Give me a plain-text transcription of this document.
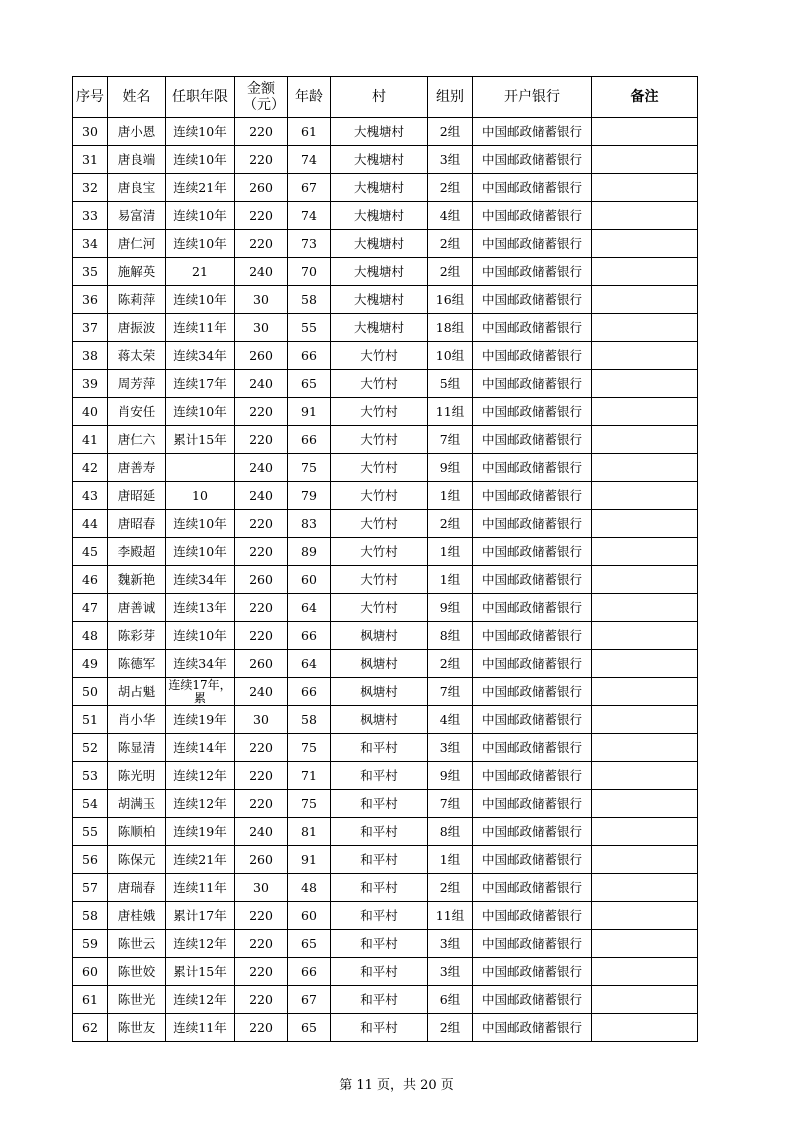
序号	姓名	任职年限	金额（元）	年龄	村	组别	开户银行	备注
30	唐小恩	连续10年	220	61	大槐塘村	2组	中国邮政储蓄银行	
31	唐良端	连续10年	220	74	大槐塘村	3组	中国邮政储蓄银行	
32	唐良宝	连续21年	260	67	大槐塘村	2组	中国邮政储蓄银行	
33	易富清	连续10年	220	74	大槐塘村	4组	中国邮政储蓄银行	
34	唐仁河	连续10年	220	73	大槐塘村	2组	中国邮政储蓄银行	
35	施解英	21	240	70	大槐塘村	2组	中国邮政储蓄银行	
36	陈莉萍	连续10年	30	58	大槐塘村	16组	中国邮政储蓄银行	
37	唐振波	连续11年	30	55	大槐塘村	18组	中国邮政储蓄银行	
38	蒋太荣	连续34年	260	66	大竹村	10组	中国邮政储蓄银行	
39	周芳萍	连续17年	240	65	大竹村	5组	中国邮政储蓄银行	
40	肖安任	连续10年	220	91	大竹村	11组	中国邮政储蓄银行	
41	唐仁六	累计15年	220	66	大竹村	7组	中国邮政储蓄银行	
42	唐善寿		240	75	大竹村	9组	中国邮政储蓄银行	
43	唐昭延	10	240	79	大竹村	1组	中国邮政储蓄银行	
44	唐昭春	连续10年	220	83	大竹村	2组	中国邮政储蓄银行	
45	李殿超	连续10年	220	89	大竹村	1组	中国邮政储蓄银行	
46	魏新艳	连续34年	260	60	大竹村	1组	中国邮政储蓄银行	
47	唐善诚	连续13年	220	64	大竹村	9组	中国邮政储蓄银行	
48	陈彩芽	连续10年	220	66	枫塘村	8组	中国邮政储蓄银行	
49	陈德军	连续34年	260	64	枫塘村	2组	中国邮政储蓄银行	
50	胡占魁	连续17年，累	240	66	枫塘村	7组	中国邮政储蓄银行	
51	肖小华	连续19年	30	58	枫塘村	4组	中国邮政储蓄银行	
52	陈显清	连续14年	220	75	和平村	3组	中国邮政储蓄银行	
53	陈光明	连续12年	220	71	和平村	9组	中国邮政储蓄银行	
54	胡满玉	连续12年	220	75	和平村	7组	中国邮政储蓄银行	
55	陈顺柏	连续19年	240	81	和平村	8组	中国邮政储蓄银行	
56	陈保元	连续21年	260	91	和平村	1组	中国邮政储蓄银行	
57	唐瑞春	连续11年	30	48	和平村	2组	中国邮政储蓄银行	
58	唐桂娥	累计17年	220	60	和平村	11组	中国邮政储蓄银行	
59	陈世云	连续12年	220	65	和平村	3组	中国邮政储蓄银行	
60	陈世姣	累计15年	220	66	和平村	3组	中国邮政储蓄银行	
61	陈世光	连续12年	220	67	和平村	6组	中国邮政储蓄银行	
62	陈世友	连续11年	220	65	和平村	2组	中国邮政储蓄银行	
第 11 页，共 20 页
